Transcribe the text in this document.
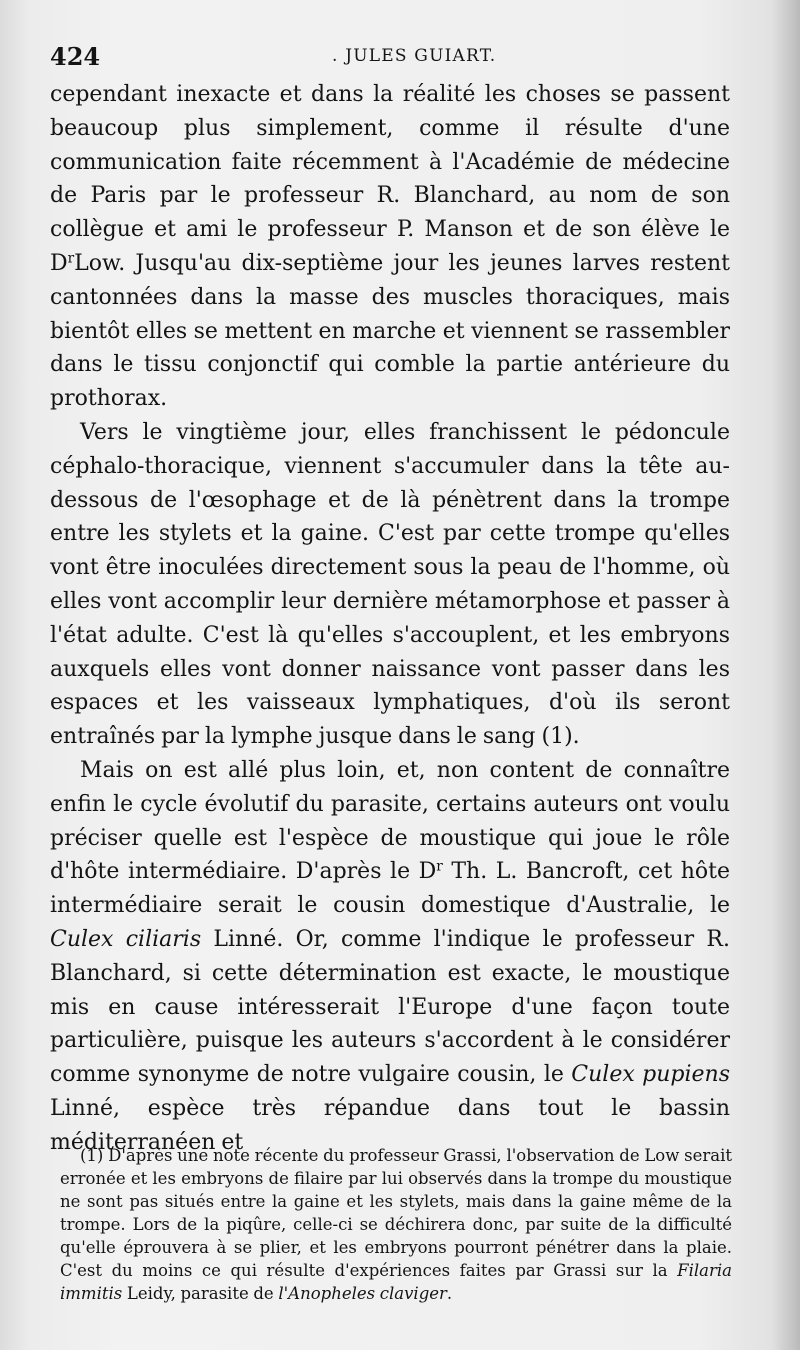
424	. JULES GUIART.

cependant inexacte et dans la réalité les choses se passent beaucoup plus simplement, comme il résulte d'une communication faite récemment à l'Académie de médecine de Paris par le professeur R. Blanchard, au nom de son collègue et ami le professeur P. Manson et de son élève le $D^rLow$. Jusqu'au dix-septième jour les jeunes larves restent cantonnées dans la masse des muscles thoraciques, mais bientôt elles se mettent en marche et viennent se rassembler dans le tissu conjonctif qui comble la partie antérieure du prothorax.

Vers le vingtième jour, elles franchissent le pédoncule céphalo-thoracique, viennent s'accumuler dans la tête au-dessous de l'œsophage et de là pénètrent dans la trompe entre les stylets et la gaine. C'est par cette trompe qu'elles vont être inoculées directement sous la peau de l'homme, où elles vont accomplir leur dernière métamorphose et passer à l'état adulte. C'est là qu'elles s'accouplent, et les embryons auxquels elles vont donner naissance vont passer dans les espaces et les vaisseaux lymphatiques, d'où ils seront entraînés par la lymphe jusque dans le sang (1).

Mais on est allé plus loin, et, non content de connaître enfin le cycle évolutif du parasite, certains auteurs ont voulu préciser quelle est l'espèce de moustique qui joue le rôle d'hôte intermédiaire. D'après le $D^r$ Th. L. Bancroft, cet hôte intermédiaire serait le cousin domestique d'Australie, le Culex ciliaris Linné. Or, comme l'indique le professeur R. Blanchard, si cette détermination est exacte, le moustique mis en cause intéresserait l'Europe d'une façon toute particulière, puisque les auteurs s'accordent à le considérer comme synonyme de notre vulgaire cousin, le Culex pupiens Linné, espèce très répandue dans tout le bassin méditerranéen et

(1) D'après une note récente du professeur Grassi, l'observation de Low serait erronée et les embryons de filaire par lui observés dans la trompe du moustique ne sont pas situés entre la gaine et les stylets, mais dans la gaine même de la trompe. Lors de la piqûre, celle-ci se déchirera donc, par suite de la difficulté qu'elle éprouvera à se plier, et les embryons pourront pénétrer dans la plaie. C'est du moins ce qui résulte d'expériences faites par Grassi sur la Filaria immitis Leidy, parasite de l'Anopheles claviger.
